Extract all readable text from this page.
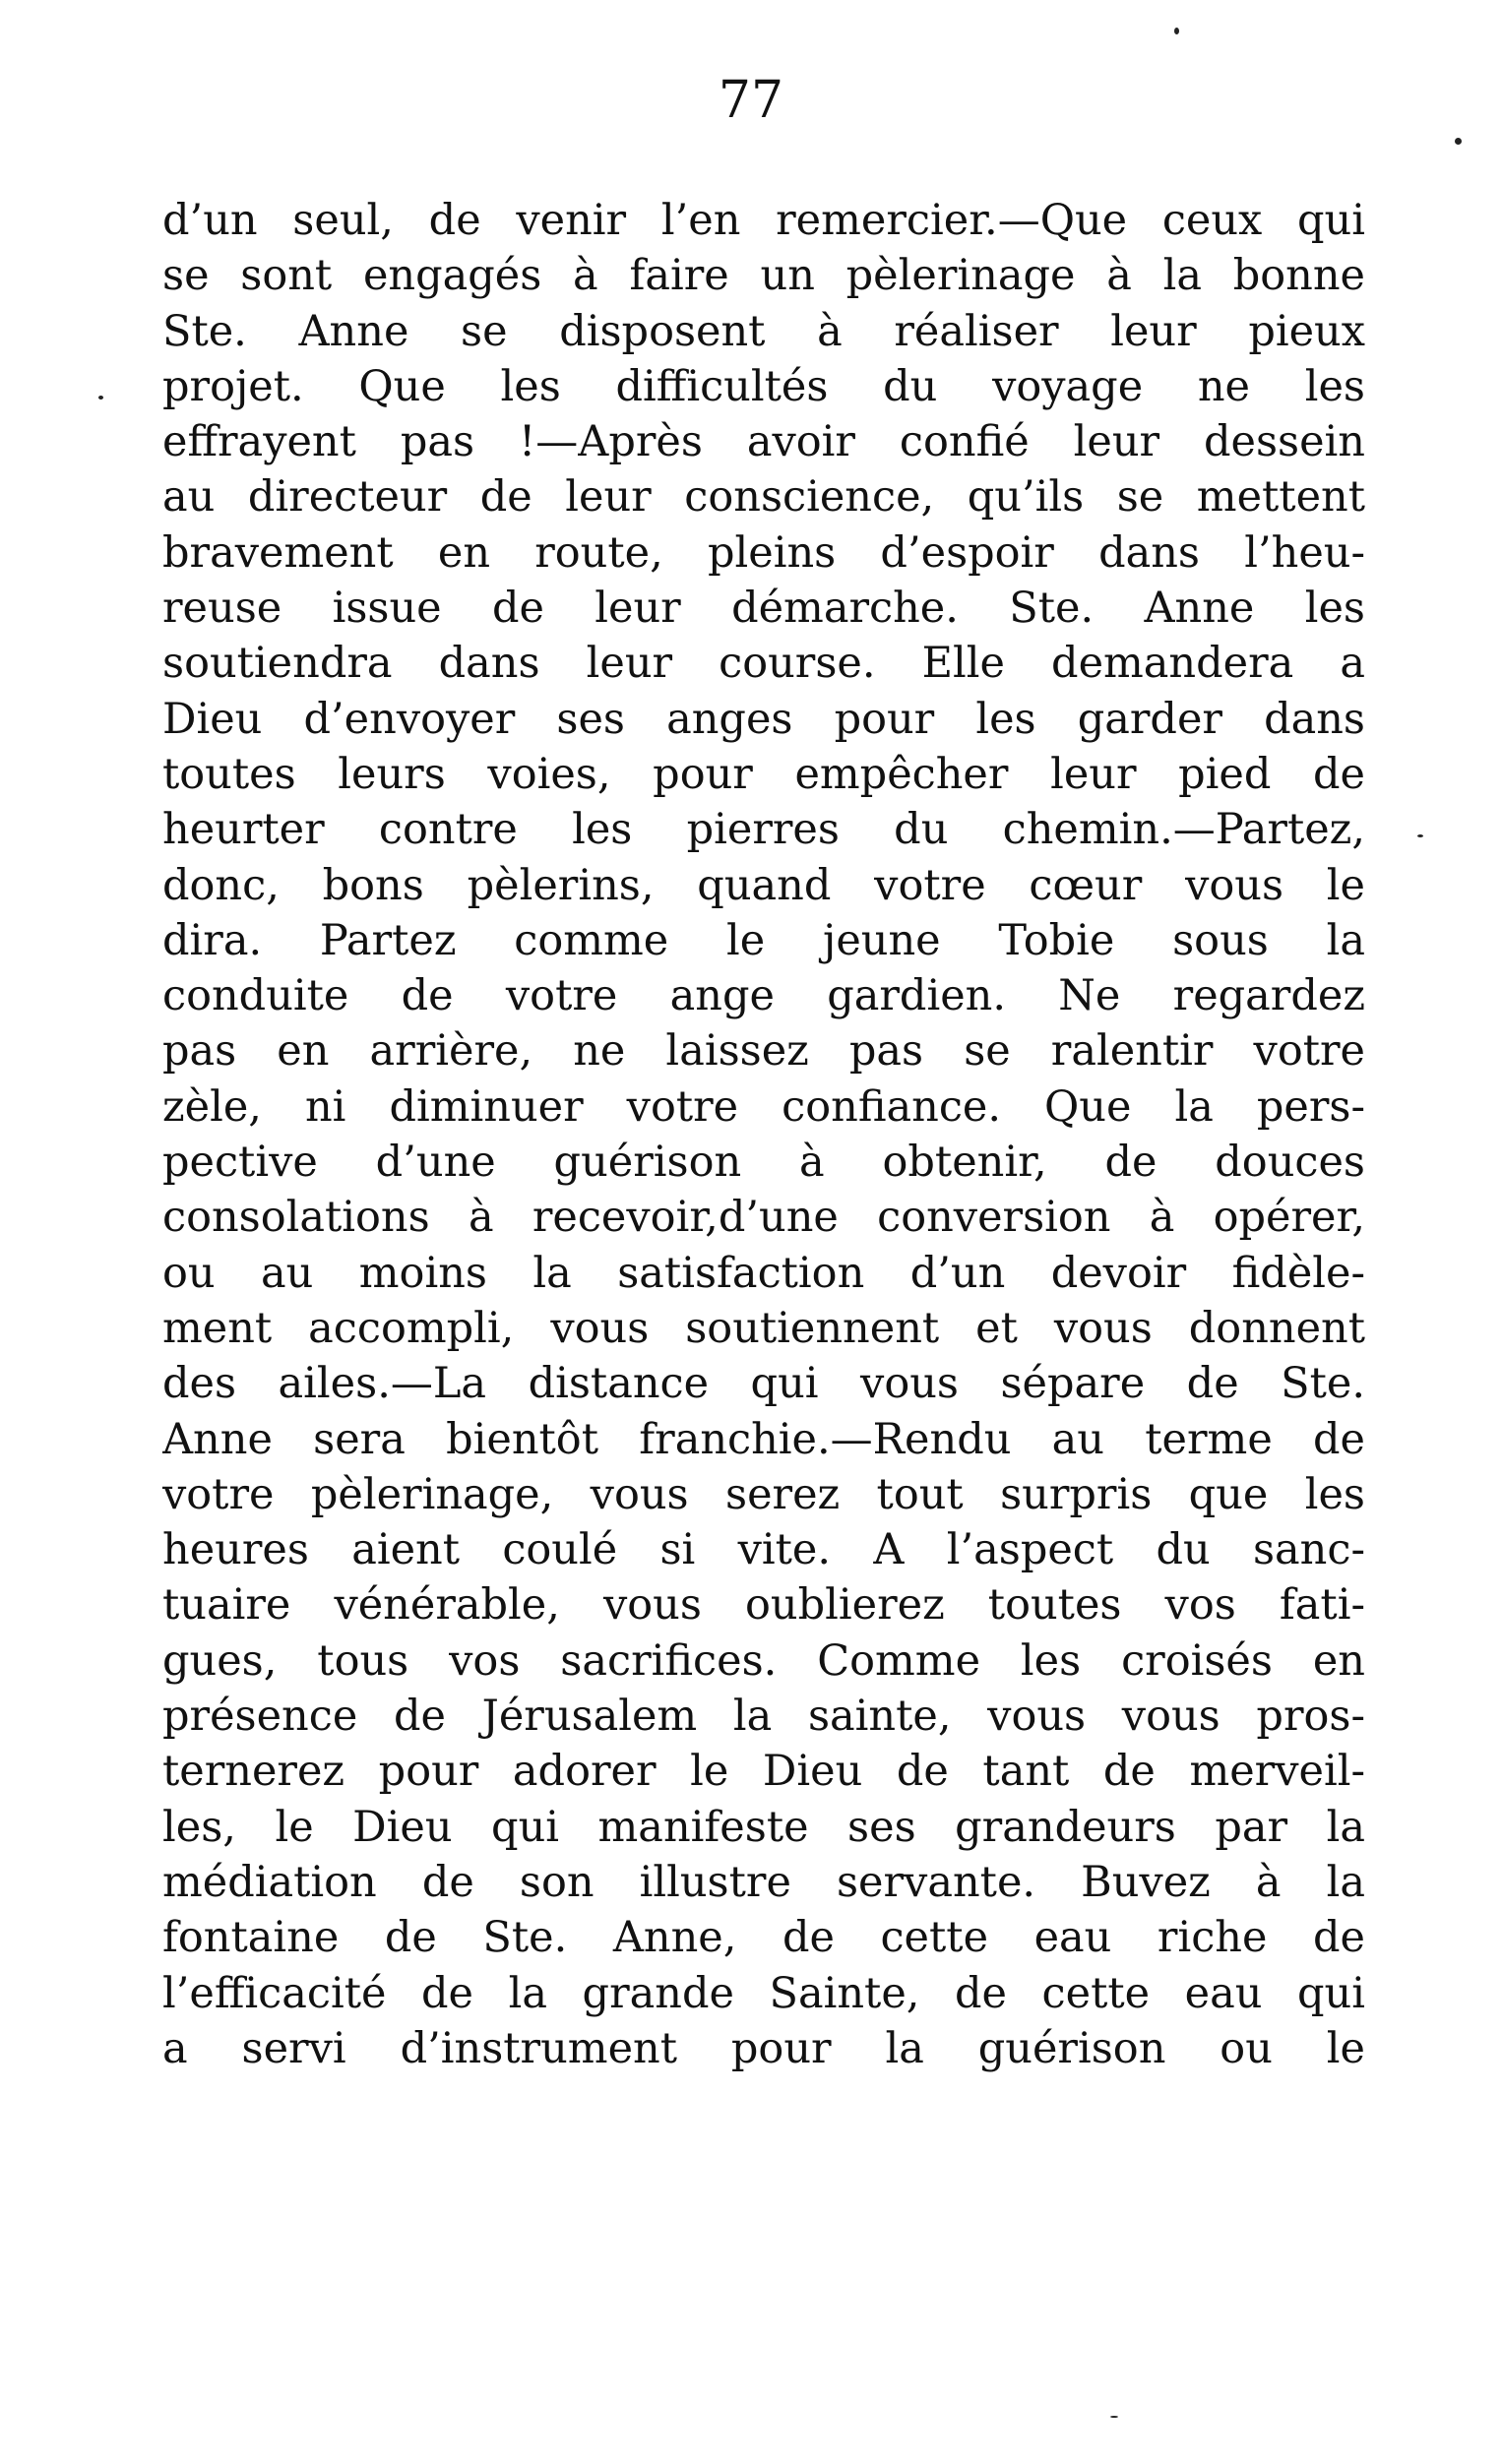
77
d’un seul, de venir l’en remercier.—Que ceux qui
se sont engagés à faire un pèlerinage à la bonne
Ste. Anne se disposent à réaliser leur pieux
projet. Que les difficultés du voyage ne les
effrayent pas !—Après avoir confié leur dessein
au directeur de leur conscience, qu’ils se mettent
bravement en route, pleins d’espoir dans l’heu-
reuse issue de leur démarche. Ste. Anne les
soutiendra dans leur course. Elle demandera a
Dieu d’envoyer ses anges pour les garder dans
toutes leurs voies, pour empêcher leur pied de
heurter contre les pierres du chemin.—Partez,
donc, bons pèlerins, quand votre cœur vous le
dira. Partez comme le jeune Tobie sous la
conduite de votre ange gardien. Ne regardez
pas en arrière, ne laissez pas se ralentir votre
zèle, ni diminuer votre confiance. Que la pers-
pective d’une guérison à obtenir, de douces
consolations à recevoir,d’une conversion à opérer,
ou au moins la satisfaction d’un devoir fidèle-
ment accompli, vous soutiennent et vous donnent
des ailes.—La distance qui vous sépare de Ste.
Anne sera bientôt franchie.—Rendu au terme de
votre pèlerinage, vous serez tout surpris que les
heures aient coulé si vite. A l’aspect du sanc-
tuaire vénérable, vous oublierez toutes vos fati-
gues, tous vos sacrifices. Comme les croisés en
présence de Jérusalem la sainte, vous vous pros-
ternerez pour adorer le Dieu de tant de merveil-
les, le Dieu qui manifeste ses grandeurs par la
médiation de son illustre servante. Buvez à la
fontaine de Ste. Anne, de cette eau riche de
l’efficacité de la grande Sainte, de cette eau qui
a servi d’instrument pour la guérison ou le
